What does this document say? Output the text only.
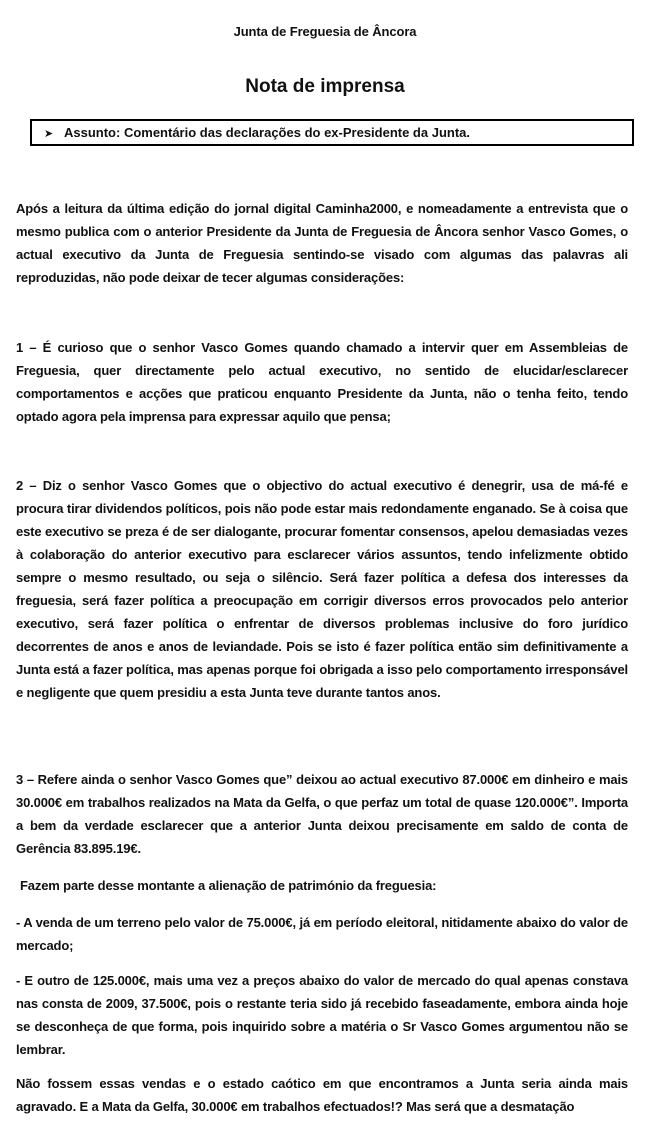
Junta de Freguesia de Âncora
Nota de imprensa
➤ Assunto: Comentário das declarações do ex-Presidente da Junta.

Após a leitura da última edição do jornal digital Caminha2000, e nomeadamente a entrevista que o mesmo publica com o anterior Presidente da Junta de Freguesia de Âncora senhor Vasco Gomes, o actual executivo da Junta de Freguesia sentindo-se visado com algumas das palavras ali reproduzidas, não pode deixar de tecer algumas considerações:

1 – É curioso que o senhor Vasco Gomes quando chamado a intervir quer em Assembleias de Freguesia, quer directamente pelo actual executivo, no sentido de elucidar/esclarecer comportamentos e acções que praticou enquanto Presidente da Junta, não o tenha feito, tendo optado agora pela imprensa para expressar aquilo que pensa;

2 – Diz o senhor Vasco Gomes que o objectivo do actual executivo é denegrir, usa de má-fé e procura tirar dividendos políticos, pois não pode estar mais redondamente enganado. Se à coisa que este executivo se preza é de ser dialogante, procurar fomentar consensos, apelou demasiadas vezes à colaboração do anterior executivo para esclarecer vários assuntos, tendo infelizmente obtido sempre o mesmo resultado, ou seja o silêncio. Será fazer política a defesa dos interesses da freguesia, será fazer política a preocupação em corrigir diversos erros provocados pelo anterior executivo, será fazer política o enfrentar de diversos problemas inclusive do foro jurídico decorrentes de anos e anos de leviandade. Pois se isto é fazer política então sim definitivamente a Junta está a fazer política, mas apenas porque foi obrigada a isso pelo comportamento irresponsável e negligente que quem presidiu a esta Junta teve durante tantos anos.

3 – Refere ainda o senhor Vasco Gomes que” deixou ao actual executivo 87.000€ em dinheiro e mais 30.000€ em trabalhos realizados na Mata da Gelfa, o que perfaz um total de quase 120.000€”. Importa a bem da verdade esclarecer que a anterior Junta deixou precisamente em saldo de conta de Gerência 83.895.19€.

Fazem parte desse montante a alienação de património da freguesia:

- A venda de um terreno pelo valor de 75.000€, já em período eleitoral, nitidamente abaixo do valor de mercado;

- E outro de 125.000€, mais uma vez a preços abaixo do valor de mercado do qual apenas constava nas consta de 2009, 37.500€, pois o restante teria sido já recebido faseadamente, embora ainda hoje se desconheça de que forma, pois inquirido sobre a matéria o Sr Vasco Gomes argumentou não se lembrar.

Não fossem essas vendas e o estado caótico em que encontramos a Junta seria ainda mais agravado. E a Mata da Gelfa, 30.000€ em trabalhos efectuados!? Mas será que a desmatação
